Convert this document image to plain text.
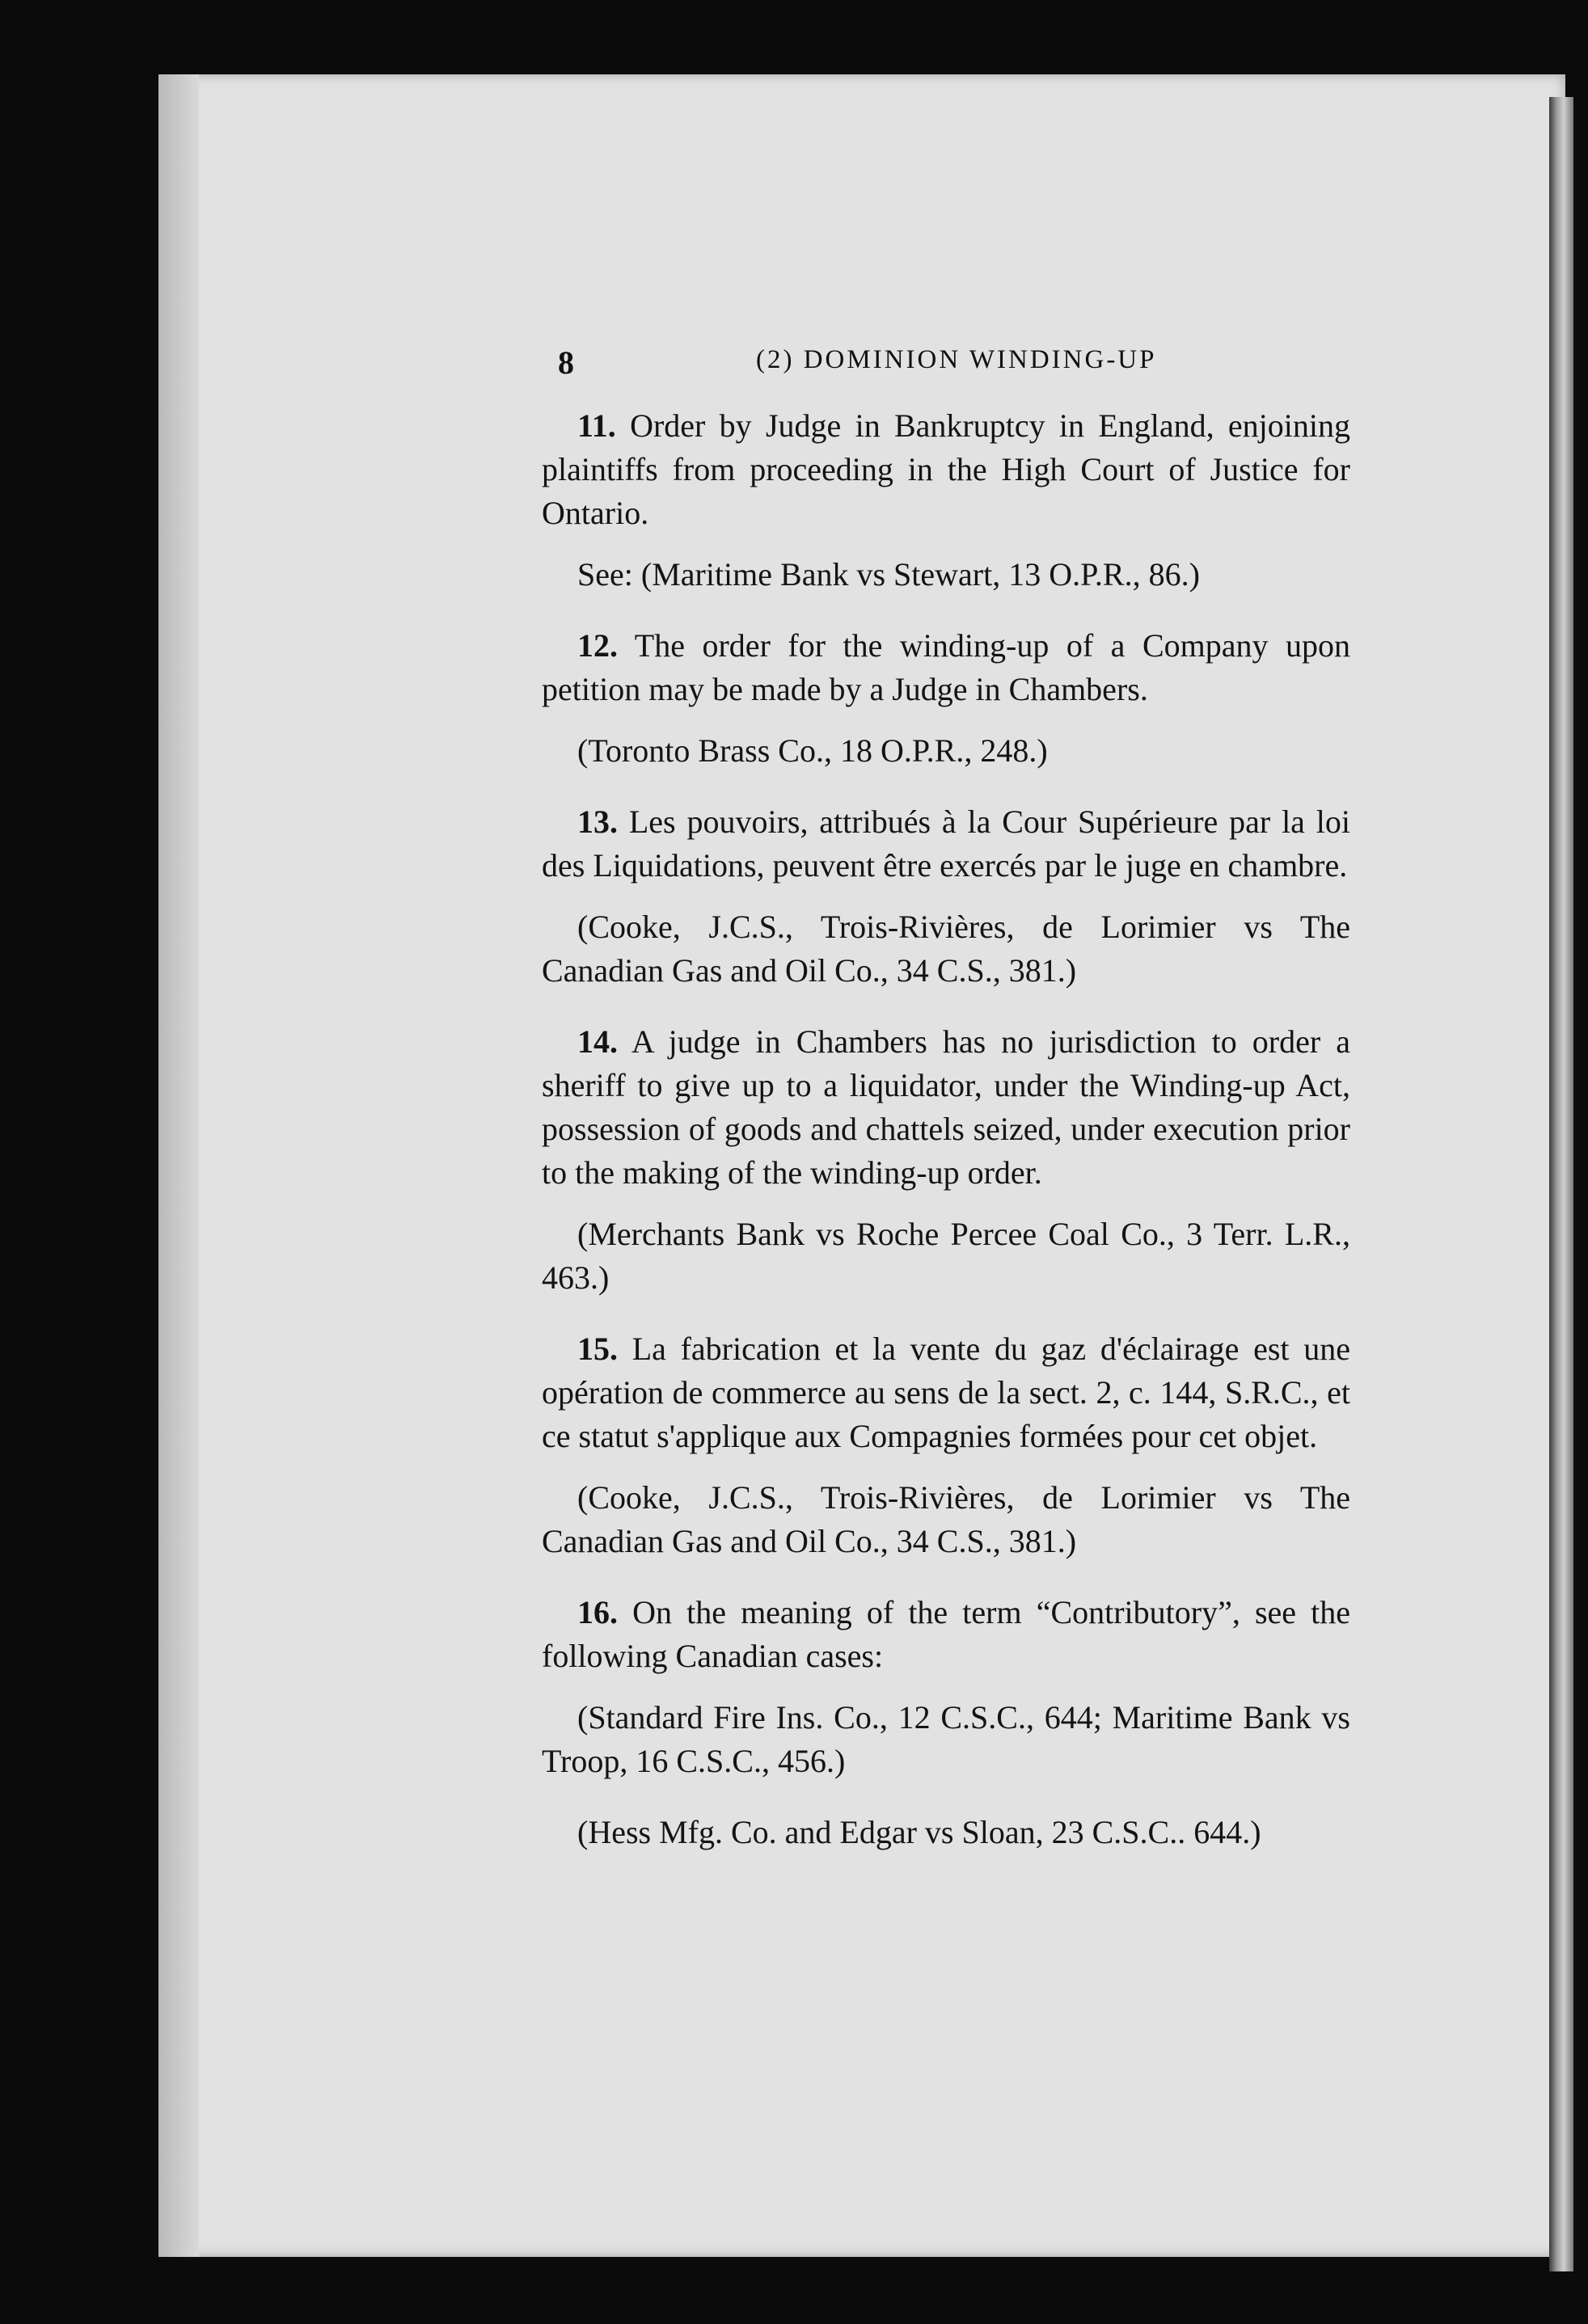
8	(2) DOMINION WINDING-UP

11. Order by Judge in Bankruptcy in England, enjoining plaintiffs from proceeding in the High Court of Justice for Ontario.

See: (Maritime Bank vs Stewart, 13 O.P.R., 86.)

12. The order for the winding-up of a Company upon petition may be made by a Judge in Chambers.

(Toronto Brass Co., 18 O.P.R., 248.)

13. Les pouvoirs, attribués à la Cour Supérieure par la loi des Liquidations, peuvent être exercés par le juge en chambre.

(Cooke, J.C.S., Trois-Rivières, de Lorimier vs The Canadian Gas and Oil Co., 34 C.S., 381.)

14. A judge in Chambers has no jurisdiction to order a sheriff to give up to a liquidator, under the Winding-up Act, possession of goods and chattels seized, under execution prior to the making of the winding-up order.

(Merchants Bank vs Roche Percee Coal Co., 3 Terr. L.R., 463.)

15. La fabrication et la vente du gaz d'éclairage est une opération de commerce au sens de la sect. 2, c. 144, S.R.C., et ce statut s'applique aux Compagnies formées pour cet objet.

(Cooke, J.C.S., Trois-Rivières, de Lorimier vs The Canadian Gas and Oil Co., 34 C.S., 381.)

16. On the meaning of the term “Contributory”, see the following Canadian cases:

(Standard Fire Ins. Co., 12 C.S.C., 644; Maritime Bank vs Troop, 16 C.S.C., 456.)

(Hess Mfg. Co. and Edgar vs Sloan, 23 C.S.C.. 644.)
